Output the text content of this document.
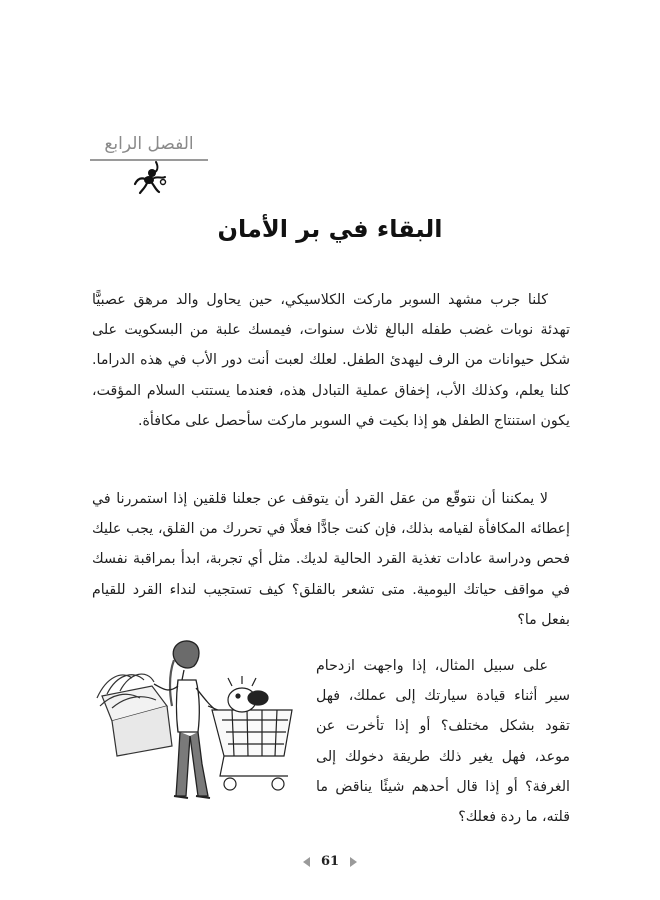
الفصل الرابع
البقاء في بر الأمان

كلنا جرب مشهد السوبر ماركت الكلاسيكي، حين يحاول والد مرهق عصبيًّا تهدئة نوبات غضب طفله البالغ ثلاث سنوات، فيمسك علبة من البسكويت على شكل حيوانات من الرف ليهدئ الطفل. لعلك لعبت أنت دور الأب في هذه الدراما. كلنا يعلم، وكذلك الأب، إخفاق عملية التبادل هذه، فعندما يستتب السلام المؤقت، يكون استنتاج الطفل هو إذا بكيت في السوبر ماركت سأحصل على مكافأة.

لا يمكننا أن نتوقّع من عقل القرد أن يتوقف عن جعلنا قلقين إذا استمررنا في إعطائه المكافأة لقيامه بذلك، فإن كنت جادًّا فعلًا في تحررك من القلق، يجب عليك فحص ودراسة عادات تغذية القرد الحالية لديك. مثل أي تجربة، ابدأ بمراقبة نفسك في مواقف حياتك اليومية. متى تشعر بالقلق؟ كيف تستجيب لنداء القرد للقيام بفعل ما؟

على سبيل المثال، إذا واجهت ازدحام سير أثناء قيادة سيارتك إلى عملك، فهل تقود بشكل مختلف؟ أو إذا تأخرت عن موعد، فهل يغير ذلك طريقة دخولك إلى الغرفة؟ أو إذا قال أحدهم شيئًا يناقض ما قلته، ما ردة فعلك؟

61
